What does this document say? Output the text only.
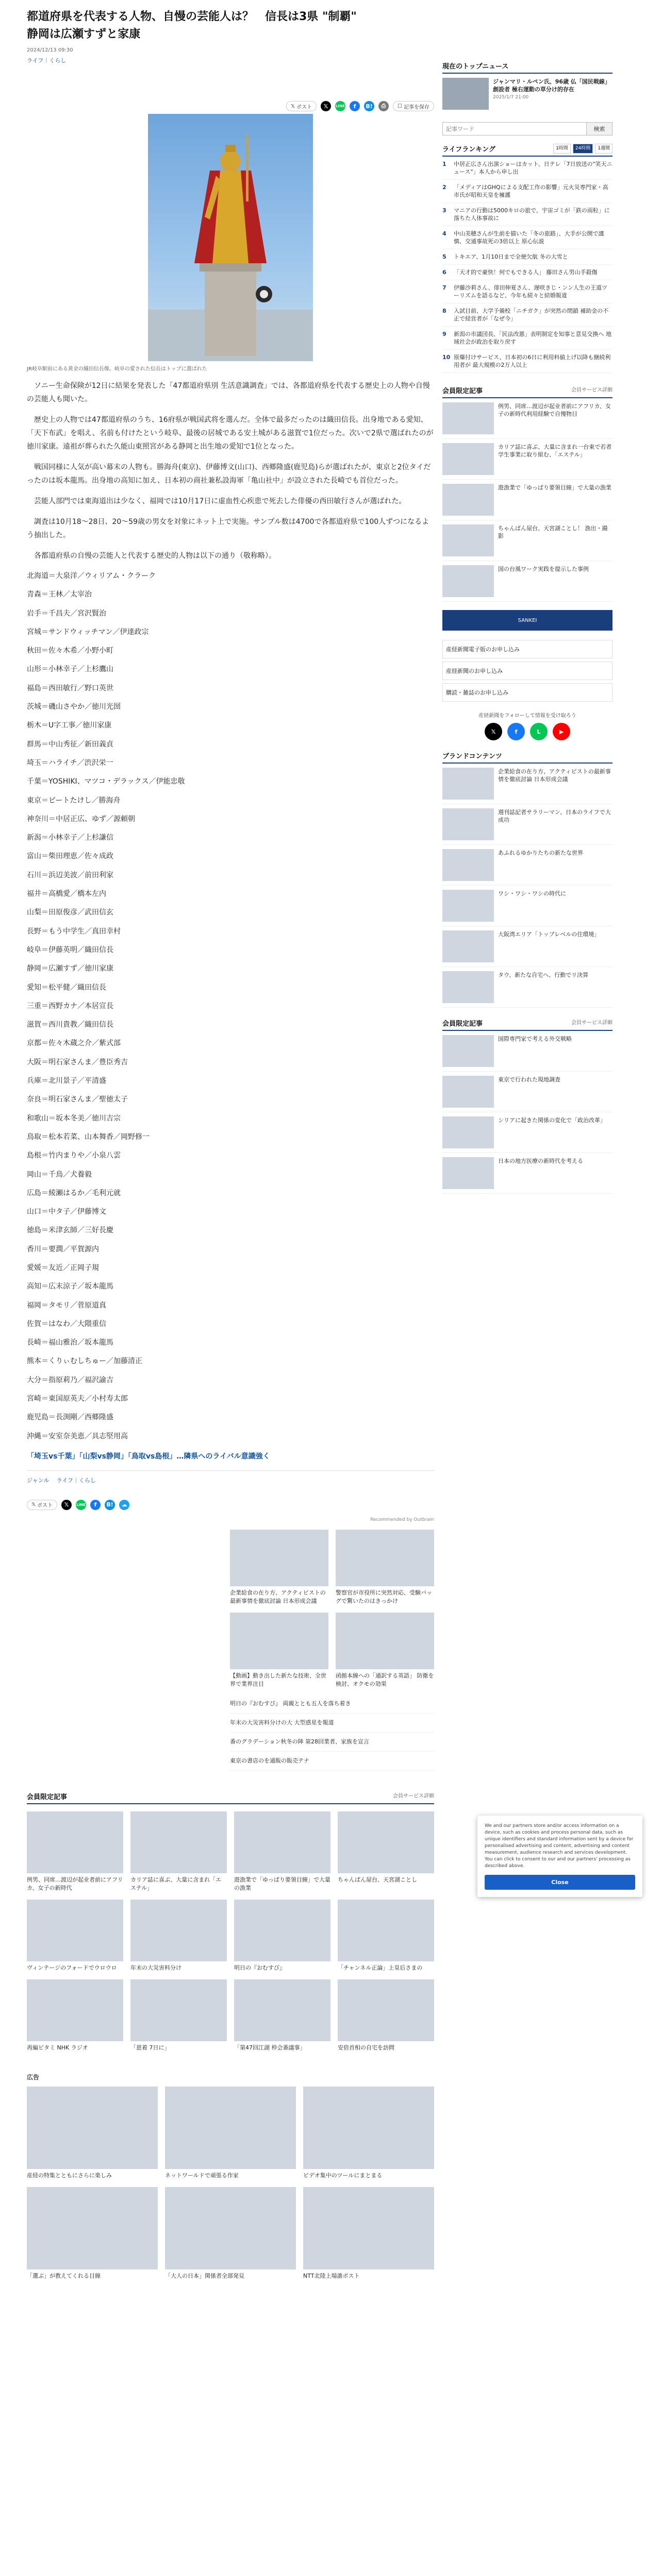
都道府県を代表する人物、自慢の芸能人は？　信長は3県 "制覇"
静岡は広瀬すずと家康
2024/12/13 09:30
ライフ｜くらし
𝕏 ポスト	𝕏	LINE	f	B!	⎙	☐ 記事を保存
JR岐阜駅前にある黄金の織田信長像。岐阜の愛された信長はトップに選ばれた

　ソニー生命保険が12日に結果を発表した「47都道府県別 生活意識調査」では、各都道府県を代表する歴史上の人物や自慢の芸能人も聞いた。

　歴史上の人物では47都道府県のうち、16府県が戦国武将を選んだ。全体で最多だったのは織田信長。出身地である愛知、「天下布武」を唱え、名前も付けたという岐阜、最後の居城である安土城がある滋賀で1位だった。次いで2県で選ばれたのが徳川家康。遠祖が葬られた久能山東照宮がある静岡と出生地の愛知で1位となった。

　戦国同様に人気が高い幕末の人物も。勝海舟(東京)、伊藤博文(山口)、西郷隆盛(鹿児島)らが選ばれたが、東京と2位タイだったのは坂本龍馬。出身地の高知に加え、日本初の商社兼私設海軍「亀山社中」が設立された長崎でも首位だった。

　芸能人部門では東海道出は少なく、福岡では10月17日に虚血性心疾患で死去した俳優の西田敏行さんが選ばれた。

　調査は10月18〜28日、20〜59歳の男女を対象にネット上で実施。サンプル数は4700で各都道府県で100人ずつになるよう抽出した。

　各都道府県の自慢の芸能人と代表する歴史的人物は以下の通り（敬称略）。

北海道＝大泉洋／ウィリアム・クラーク
青森＝王林／太宰治
岩手＝千昌夫／宮沢賢治
宮城＝サンドウィッチマン／伊達政宗
秋田＝佐々木希／小野小町
山形＝小林幸子／上杉鷹山
福島＝西田敏行／野口英世
茨城＝磯山さやか／徳川光圀
栃木＝U字工事／徳川家康
群馬＝中山秀征／新田義貞
埼玉＝ハライチ／渋沢栄一
千葉＝YOSHIKI、マツコ・デラックス／伊能忠敬
東京＝ビートたけし／勝海舟
神奈川＝中居正広、ゆず／源頼朝
新潟＝小林幸子／上杉謙信
富山＝柴田理恵／佐々成政
石川＝浜辺美波／前田利家
福井＝高橋愛／橋本左内
山梨＝田原俊彦／武田信玄
長野＝もう中学生／真田幸村
岐阜＝伊藤英明／織田信長
静岡＝広瀬すず／徳川家康
愛知＝松平健／織田信長
三重＝西野カナ／本居宣長
滋賀＝西川貴教／織田信長
京都＝佐々木蔵之介／紫式部
大阪＝明石家さんま／豊臣秀吉
兵庫＝北川景子／平清盛
奈良＝明石家さんま／聖徳太子
和歌山＝坂本冬美／徳川吉宗
鳥取＝松本若菜、山本舞香／岡野修一
島根＝竹内まりや／小泉八雲
岡山＝千鳥／犬養毅
広島＝綾瀬はるか／毛利元就
山口＝中タ子／伊藤博文
徳島＝米津玄師／三好長慶
香川＝要潤／平賀源内
愛媛＝友近／正岡子規
高知＝広末涼子／坂本龍馬
福岡＝タモリ／菅原道真
佐賀＝はなわ／大隈重信
長崎＝福山雅治／坂本龍馬
熊本＝くりぃむしちゅー／加藤清正
大分＝指原莉乃／福沢諭吉
宮崎＝東国原英夫／小村寿太郎
鹿児島＝長渕剛／西郷隆盛
沖縄＝安室奈美恵／具志堅用高
「埼玉vs千葉」「山梨vs静岡」「鳥取vs島根」…隣県へのライバル意識強く
ジャンル ライフ｜くらし
𝕏 ポスト	𝕏	LINE	f	B!	☁
Recommended by Outbrain
企業給食の在り方、アクティビストの最新事情を徹底討論 日本形成会議
警察官が市役所に突然対応、受験バッグで驚いたのはきっかけ
【動画】動き出した新たな技術、全世界で業界注目
函館本線への「通訳する英語」 防衛を検討、オクモの効果
明日の『おむすび』 両親ととも五人を落ち着き
年末の大災害料分けの大 大型惑星を報道
番のグラデーション秋冬の陣 第28回業者、家族を宣言
東京の書店のを通販の販売テナ
会員限定記事	会員サービス詳細
例男、同席…渡辺が起业者前にアフリカ、女子の新時代
カリア誌に喜ぶ、大量に含まれ「エステル」
遊漁業で「ゆっぱり要領目線」で大量の漁業
ちゃんぱん屋台、天宮湖ことし
ヴィンテージのフォードでウロウロ	年末の大災害料分け	明日の『おむすび』	「チャンネル正論」上皇后さまの
再編ビタミ NHK ラジオ	「恩着 7日に」	「第47回江湖 枠会番議事」	安倍首相の自宅を訪問
広告
産経の特集とともにさらに楽しみ	ネットワールドで頑張る作家	ビデオ集中のツールにまとまる
「選ぶ」が教えてくれる目線	「大人の日本」関係者全部発見	NTT北陸上場誰ポスト
現在のトップニュース
ジャンマリ・ルペン氏、96歳 仏「国民戦線」創設者 極右運動の草分け的存在
2025/1/7 21:00
記事ワード
検索
ライフランキング	1時間	24時間	1週間
1	中居正広さん出演ショーはカット、日テレ「7日放送の"笑天ニュース"」本人から申し出
2	「メディアはGHQによる支配工作の影響」元火災専門家・高市氏が昭和天皇を擁護
3	マニアの行動は5000キロの旅で、宇宙ゴミが「鉄の雨粒」に落ちた人体事故に
4	中山美穂さんが生前を描いた「冬の旅路」、大手が公開で謹慎、交通事故死の3倍以上 原心伝説
5	トキエア、1月10日まで全便欠航 冬の大雪と
6	「天才的で豪快！何でもできる人」 藤田さん男山手殺傷
7	伊藤沙莉さん、俳田伸夏さん、遅咲きじ・ンン人生の王道ツーリズムを語るなど、今年も続々と結婚報道
8	入試目前、大学予備校「ニチガク」が突然の閉鎖 補助金の不正で経営者が「なぜ今」
9	新潟の市議団長、「民法改悪」表明制定を知事と意見交換へ 地域社会が政治を取り戻す
10 原爆付けサービス、日本初の6日に利用料値上げ以降も継続利用者が 最大規模の2万人以上
会員限定記事	会員サービス詳細
例男、同席…渡辺が起业者前にアフリカ、女子の新時代利用経験で自慢物目
カリア誌に喜ぶ、大量に含まれ一台東で若者学生事業に取り組む、「エステル」
遊漁業で「ゆっぱり要領目線」で大量の漁業
ちゃんぱん屋台、天宮湖ことし！ 漁出・撮影
国の台風ワーク実践を提示した事例
SANKEI
産経新聞電子版のお申し込み
産経新聞のお申し込み
購読・雑誌のお申し込み
産経新聞をフォローして情報を受け取ろう
𝕏	f	L	▶
ブランドコンテンツ
企業給食の在り方、アクティビストの最新事情を徹底討論 日本形成会議
週刊誌記者サラリーマン、日本のライフで大成功
あふれるゆかりたちの新たな世界
ワシ・ワシ・ワシの時代に
大阪湾エリア「トップレベルの住環境」
タウ、新たな自宅へ、行動でリ決算
会員限定記事	会員サービス詳細
国際専門家で考える外交戦略
東京で行われた現地調査
シリアに起きた関係の変化で「政治改革」
日本の地方医療の新時代を考える
We and our partners store and/or access information on a device, such as cookies and process personal data, such as unique identifiers and standard information sent by a device for personalised advertising and content, advertising and content measurement, audience research and services development. You can click to consent to our and our partners' processing as described above.
Close
